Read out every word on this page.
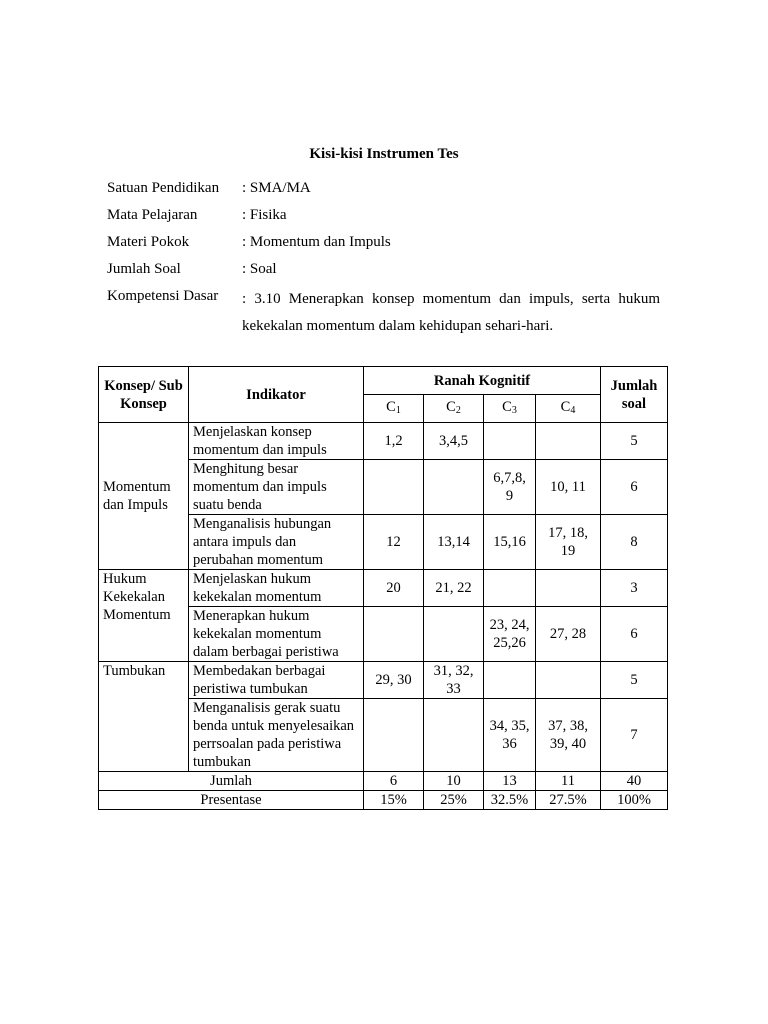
Kisi-kisi Instrumen Tes
Satuan Pendidikan : SMA/MA
Mata Pelajaran	: Fisika
Materi Pokok	: Momentum dan Impuls
Jumlah Soal	: Soal
Kompetensi Dasar : 3.10 Menerapkan konsep momentum dan impuls, serta hukum kekekalan momentum dalam kehidupan sehari-hari.
Konsep/ Sub Konsep	Indikator	Ranah Kognitif				Jumlah soal
		C1	C2	C3	C4	
Momentum dan Impuls	Menjelaskan konsep momentum dan impuls	1,2	3,4,5			5
	Menghitung besar momentum dan impuls suatu benda			6,7,8, 9	10, 11	6
	Menganalisis hubungan antara impuls dan perubahan momentum	12	13,14	15,16	17, 18, 19	8
Hukum Kekekalan Momentum	Menjelaskan hukum kekekalan momentum	20	21, 22			3
	Menerapkan hukum kekekalan momentum dalam berbagai peristiwa			23, 24, 25,26	27, 28	6
Tumbukan	Membedakan berbagai peristiwa tumbukan	29, 30	31, 32, 33			5
	Menganalisis gerak suatu benda untuk menyelesaikan perrsoalan pada peristiwa tumbukan			34, 35, 36	37, 38, 39, 40	7
Jumlah		6	10	13	11	40
Presentase		15%	25%	32.5%	27.5%	100%
